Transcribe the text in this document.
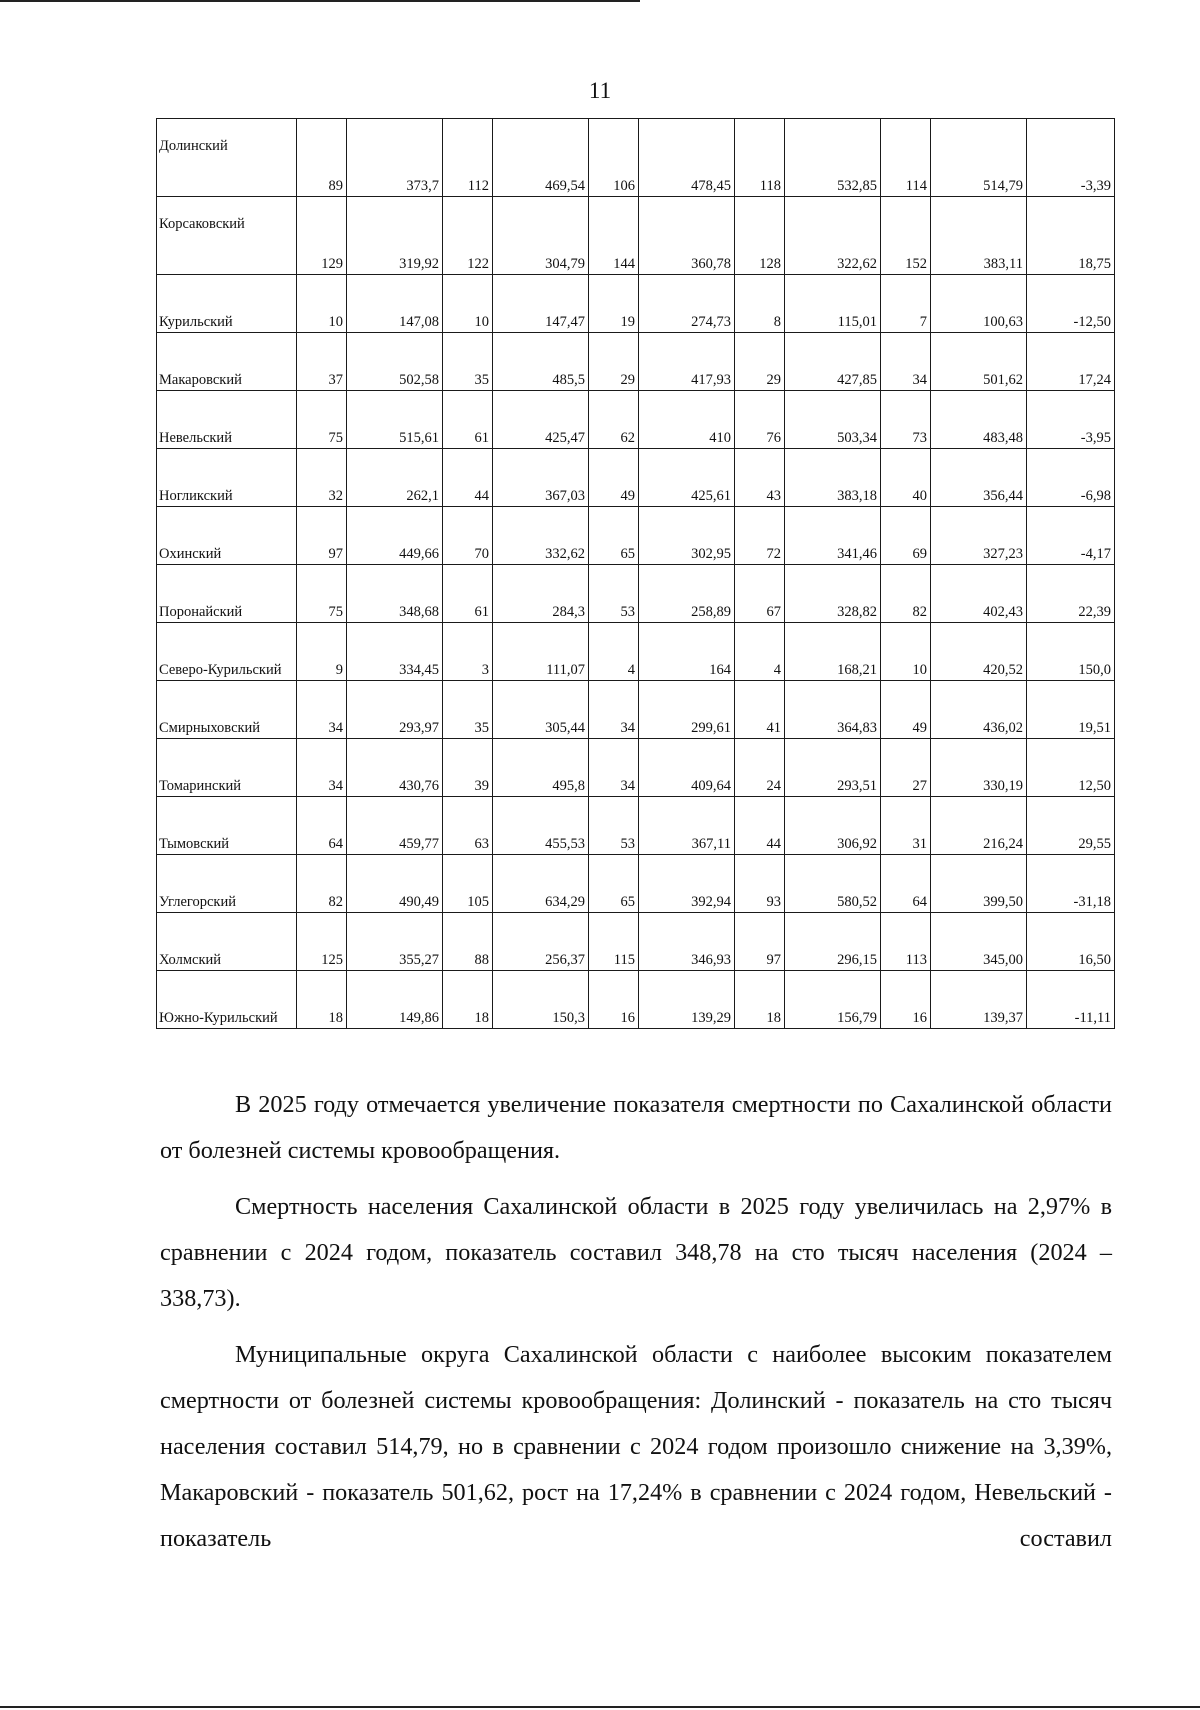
11
Долинский	89	373,7	112	469,54	106	478,45	118	532,85	114	514,79	-3,39
Корсаковский	129	319,92	122	304,79	144	360,78	128	322,62	152	383,11	18,75
Курильский	10	147,08	10	147,47	19	274,73	8	115,01	7	100,63	-12,50
Макаровский	37	502,58	35	485,5	29	417,93	29	427,85	34	501,62	17,24
Невельский	75	515,61	61	425,47	62	410	76	503,34	73	483,48	-3,95
Ногликский	32	262,1	44	367,03	49	425,61	43	383,18	40	356,44	-6,98
Охинский	97	449,66	70	332,62	65	302,95	72	341,46	69	327,23	-4,17
Поронайский	75	348,68	61	284,3	53	258,89	67	328,82	82	402,43	22,39
Северо-Курильский	9	334,45	3	111,07	4	164	4	168,21	10	420,52	150,0
Смирныховский	34	293,97	35	305,44	34	299,61	41	364,83	49	436,02	19,51
Томаринский	34	430,76	39	495,8	34	409,64	24	293,51	27	330,19	12,50
Тымовский	64	459,77	63	455,53	53	367,11	44	306,92	31	216,24	29,55
Углегорский	82	490,49	105	634,29	65	392,94	93	580,52	64	399,50	-31,18
Холмский	125	355,27	88	256,37	115	346,93	97	296,15	113	345,00	16,50
Южно-Курильский	18	149,86	18	150,3	16	139,29	18	156,79	16	139,37	-11,11

В 2025 году отмечается увеличение показателя смертности по Сахалинской области от болезней системы кровообращения.

Смертность населения Сахалинской области в 2025 году увеличилась на 2,97% в сравнении с 2024 годом, показатель составил 348,78 на сто тысяч населения (2024 – 338,73).

Муниципальные округа Сахалинской области с наиболее высоким показателем смертности от болезней системы кровообращения: Долинский - показатель на сто тысяч населения составил 514,79, но в сравнении с 2024 годом произошло снижение на 3,39%, Макаровский - показатель 501,62, рост на 17,24% в сравнении с 2024 годом, Невельский - показатель составил
